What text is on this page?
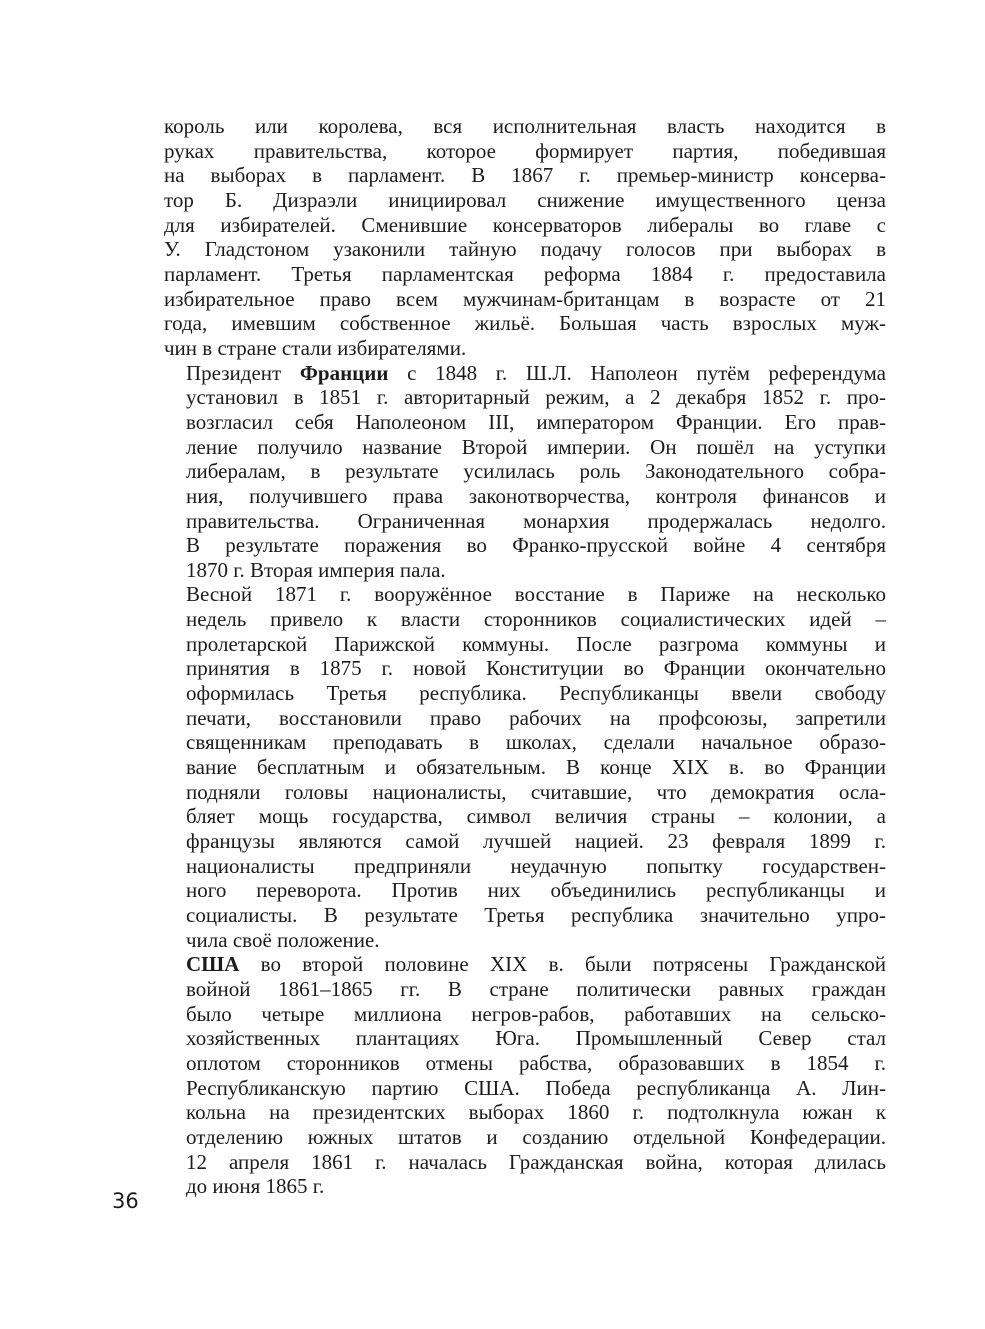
король или королева, вся исполнительная власть находится в
руках правительства, которое формирует партия, победившая
на выборах в парламент. В 1867 г. премьер-министр консерва-
тор Б. Дизраэли инициировал снижение имущественного ценза
для избирателей. Сменившие консерваторов либералы во главе с
У. Гладстоном узаконили тайную подачу голосов при выборах в
парламент. Третья парламентская реформа 1884 г. предоставила
избирательное право всем мужчинам-британцам в возрасте от 21
года, имевшим собственное жильё. Большая часть взрослых муж-
чин в стране стали избирателями.
Президент Франции с 1848 г. Ш.Л. Наполеон путём референдума
установил в 1851 г. авторитарный режим, а 2 декабря 1852 г. про-
возгласил себя Наполеоном III, императором Франции. Его прав-
ление получило название Второй империи. Он пошёл на уступки
либералам, в результате усилилась роль Законодательного собра-
ния, получившего права законотворчества, контроля финансов и
правительства. Ограниченная монархия продержалась недолго.
В результате поражения во Франко-прусской войне 4 сентября
1870 г. Вторая империя пала.
Весной 1871 г. вооружённое восстание в Париже на несколько
недель привело к власти сторонников социалистических идей –
пролетарской Парижской коммуны. После разгрома коммуны и
принятия в 1875 г. новой Конституции во Франции окончательно
оформилась Третья республика. Республиканцы ввели свободу
печати, восстановили право рабочих на профсоюзы, запретили
священникам преподавать в школах, сделали начальное образо-
вание бесплатным и обязательным. В конце XIX в. во Франции
подняли головы националисты, считавшие, что демократия осла-
бляет мощь государства, символ величия страны – колонии, а
французы являются самой лучшей нацией. 23 февраля 1899 г.
националисты предприняли неудачную попытку государствен-
ного переворота. Против них объединились республиканцы и
социалисты. В результате Третья республика значительно упро-
чила своё положение.
США во второй половине XIX в. были потрясены Гражданской
войной 1861–1865 гг. В стране политически равных граждан
было четыре миллиона негров-рабов, работавших на сельско-
хозяйственных плантациях Юга. Промышленный Север стал
оплотом сторонников отмены рабства, образовавших в 1854 г.
Республиканскую партию США. Победа республиканца А. Лин-
кольна на президентских выборах 1860 г. подтолкнула южан к
отделению южных штатов и созданию отдельной Конфедерации.
12 апреля 1861 г. началась Гражданская война, которая длилась
до июня 1865 г.
36
